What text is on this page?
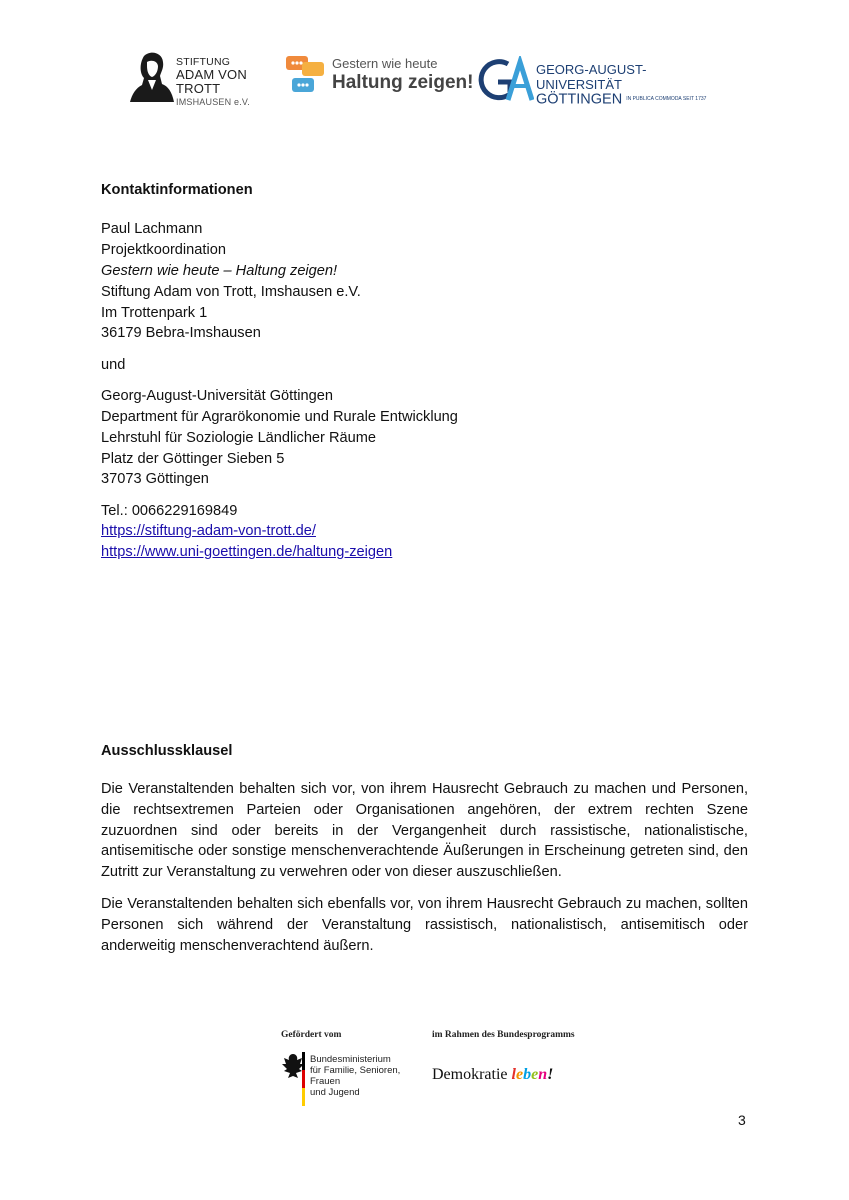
STIFTUNG
ADAM VON TROTT
IMSHAUSEN e.V.
Gestern wie heute
Haltung zeigen!
GEORG-AUGUST-UNIVERSITÄT
GÖTTINGEN IN PUBLICA COMMODA SEIT 1737
Kontaktinformationen
Paul Lachmann
Projektkoordination
Gestern wie heute – Haltung zeigen!
Stiftung Adam von Trott, Imshausen e.V.
Im Trottenpark 1
36179 Bebra-Imshausen
und
Georg-August-Universität Göttingen
Department für Agrarökonomie und Rurale Entwicklung
Lehrstuhl für Soziologie Ländlicher Räume
Platz der Göttinger Sieben 5
37073 Göttingen
Tel.: 0066229169849
https://stiftung-adam-von-trott.de/
https://www.uni-goettingen.de/haltung-zeigen
Ausschlussklausel
Die Veranstaltenden behalten sich vor, von ihrem Hausrecht Gebrauch zu machen und Personen, die rechtsextremen Parteien oder Organisationen angehören, der extrem rechten Szene zuzuordnen sind oder bereits in der Vergangenheit durch rassistische, nationalistische, antisemitische oder sonstige menschenverachtende Äußerungen in Erscheinung getreten sind, den Zutritt zur Veranstaltung zu verwehren oder von dieser auszuschließen.
Die Veranstaltenden behalten sich ebenfalls vor, von ihrem Hausrecht Gebrauch zu machen, sollten Personen sich während der Veranstaltung rassistisch, nationalistisch, antisemitisch oder anderweitig menschenverachtend äußern.
Gefördert vom	im Rahmen des Bundesprogramms
Bundesministerium
für Familie, Senioren, Frauen
und Jugend
Demokratie leben!
3
